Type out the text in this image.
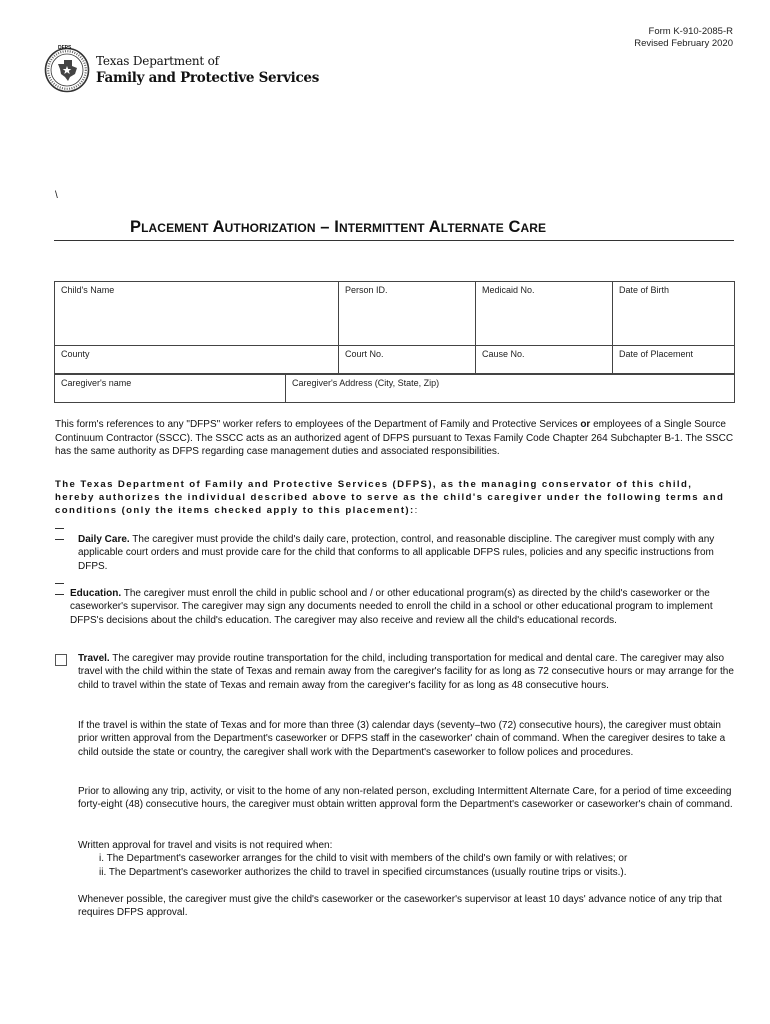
Form K-910-2085-R
Revised February 2020
DFPS
Texas Department of
Family and Protective Services
\
Placement Authorization – Intermittent Alternate Care
Child's Name	Person ID.	Medicaid No.	Date of Birth
County	Court No.	Cause No.	Date of Placement
Caregiver's name	Caregiver's Address (City, State, Zip)
This form's references to any "DFPS" worker refers to employees of the Department of Family and Protective Services or employees of a Single Source Continuum Contractor (SSCC). The SSCC acts as an authorized agent of DFPS pursuant to Texas Family Code Chapter 264 Subchapter B-1. The SSCC has the same authority as DFPS regarding case management duties and associated responsibilities.
The Texas Department of Family and Protective Services (DFPS), as the managing conservator of this child, hereby authorizes the individual described above to serve as the child's caregiver under the following terms and conditions (only the items checked apply to this placement)::
Daily Care. The caregiver must provide the child's daily care, protection, control, and reasonable discipline. The caregiver must comply with any applicable court orders and must provide care for the child that conforms to all applicable DFPS rules, policies and any specific instructions from DFPS.
Education. The caregiver must enroll the child in public school and / or other educational program(s) as directed by the child's caseworker or the caseworker's supervisor. The caregiver may sign any documents needed to enroll the child in a school or other educational program to implement DFPS's decisions about the child's education. The caregiver may also receive and review all the child's educational records.
Travel. The caregiver may provide routine transportation for the child, including transportation for medical and dental care. The caregiver may also travel with the child within the state of Texas and remain away from the caregiver's facility for as long as 72 consecutive hours or may arrange for the child to travel within the state of Texas and remain away from the caregiver's facility for as long as 48 consecutive hours.
If the travel is within the state of Texas and for more than three (3) calendar days (seventy–two (72) consecutive hours), the caregiver must obtain prior written approval from the Department's caseworker or DFPS staff in the caseworker' chain of command. When the caregiver desires to take a child outside the state or country, the caregiver shall work with the Department's caseworker to follow polices and procedures.
Prior to allowing any trip, activity, or visit to the home of any non-related person, excluding Intermittent Alternate Care, for a period of time exceeding forty-eight (48) consecutive hours, the caregiver must obtain written approval form the Department's caseworker or caseworker's chain of command.
Written approval for travel and visits is not required when:
i. The Department's caseworker arranges for the child to visit with members of the child's own family or with relatives; or
ii. The Department's caseworker authorizes the child to travel in specified circumstances (usually routine trips or visits.).
Whenever possible, the caregiver must give the child's caseworker or the caseworker's supervisor at least 10 days' advance notice of any trip that requires DFPS approval.
